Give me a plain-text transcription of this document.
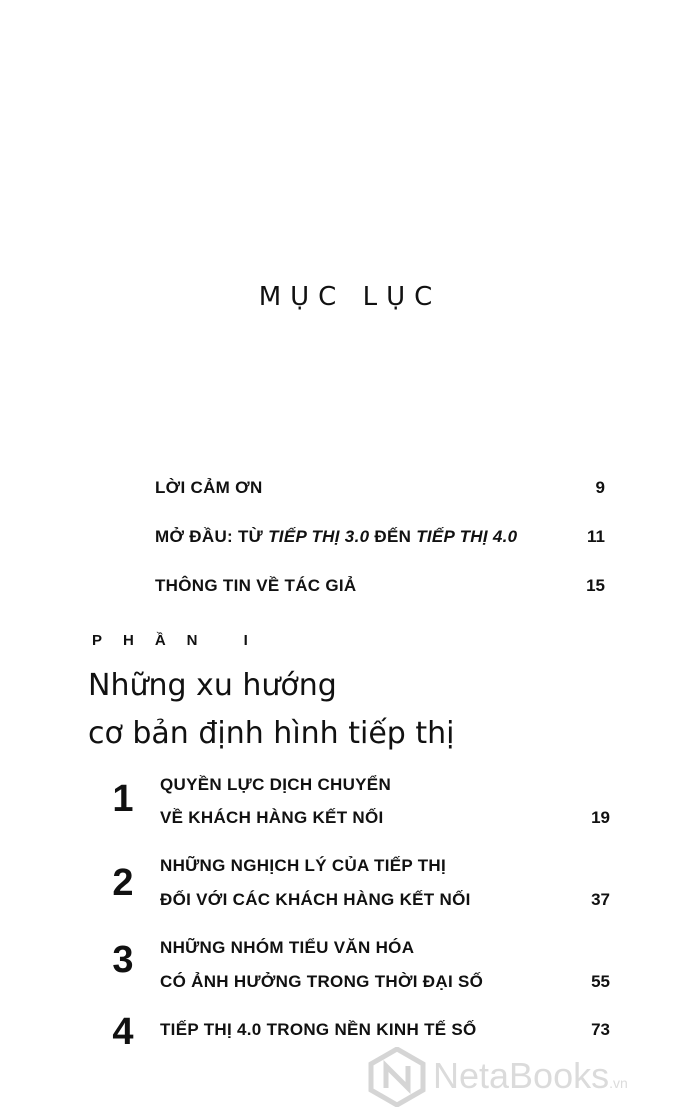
MỤC LỤC
LỜI CẢM ƠN	9
MỞ ĐẦU: TỪ TIẾP THỊ 3.0 ĐẾN TIẾP THỊ 4.0	11
THÔNG TIN VỀ TÁC GIẢ	15
PHẦN I
Những xu hướng
cơ bản định hình tiếp thị
1 QUYỀN LỰC DỊCH CHUYỂN
VỀ KHÁCH HÀNG KẾT NỐI	19
2 NHỮNG NGHỊCH LÝ CỦA TIẾP THỊ
ĐỐI VỚI CÁC KHÁCH HÀNG KẾT NỐI	37
3 NHỮNG NHÓM TIỂU VĂN HÓA
CÓ ẢNH HƯỞNG TRONG THỜI ĐẠI SỐ	55
4 TIẾP THỊ 4.0 TRONG NỀN KINH TẾ SỐ	73
NetaBooks.vn
